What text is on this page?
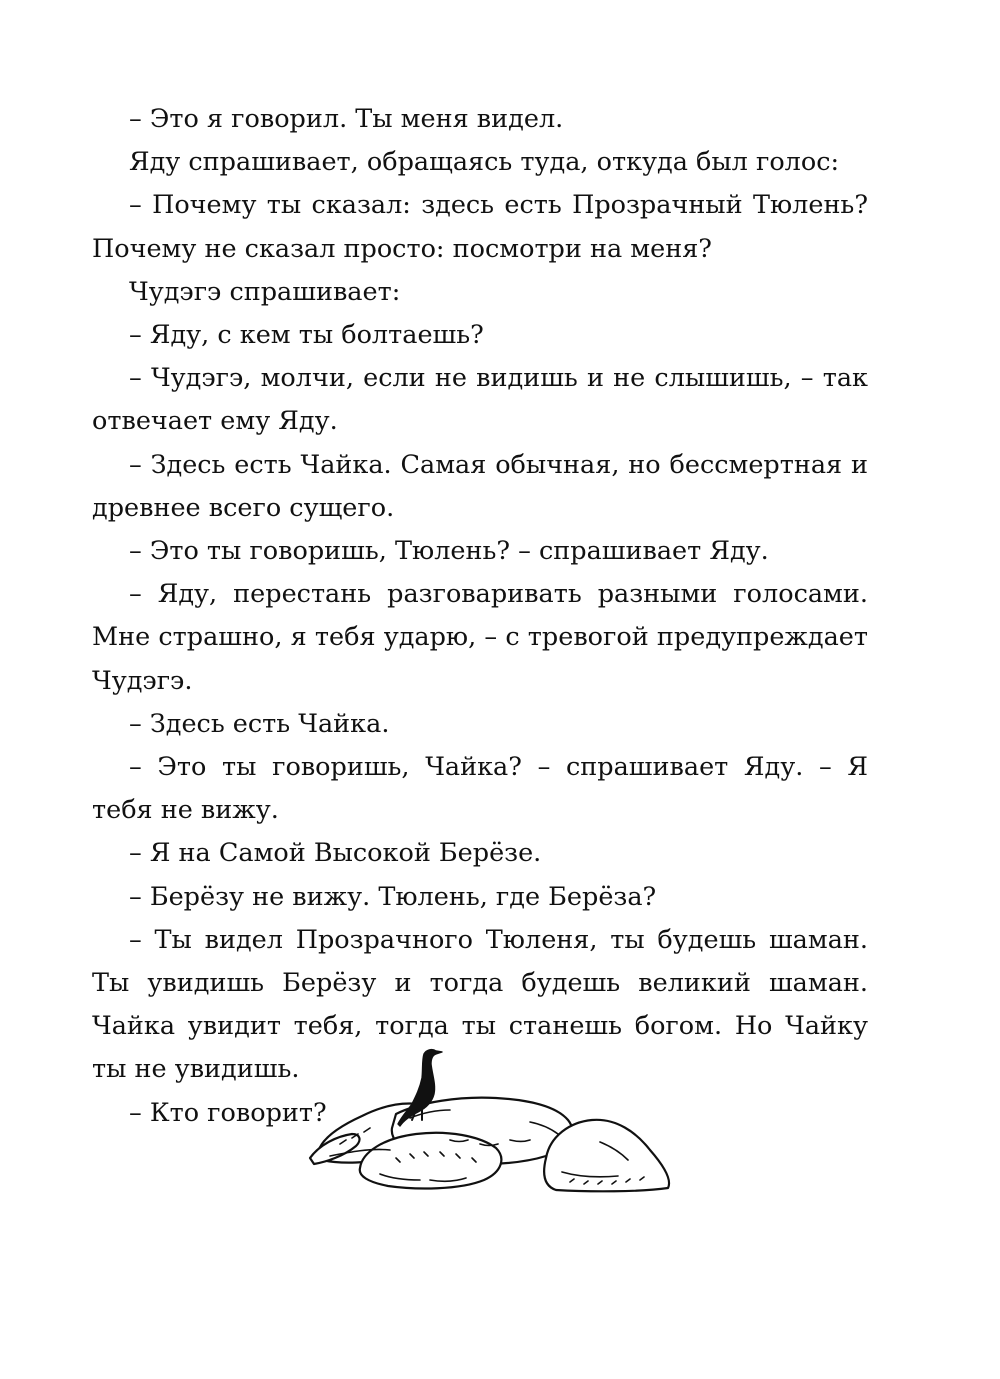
– Это я говорил. Ты меня видел.

Яду спрашивает, обращаясь туда, откуда был голос:

– Почему ты сказал: здесь есть Прозрачный Тюлень? Почему не сказал просто: посмотри на меня?

Чудэгэ спрашивает:

– Яду, с кем ты болтаешь?

– Чудэгэ, молчи, если не видишь и не слышишь, – так отвечает ему Яду.

– Здесь есть Чайка. Самая обычная, но бессмертная и древнее всего сущего.

– Это ты говоришь, Тюлень? – спрашивает Яду.

– Яду, перестань разговаривать разными голосами. Мне страшно, я тебя ударю, – с тревогой предупреждает Чудэгэ.

– Здесь есть Чайка.

– Это ты говоришь, Чайка? – спрашивает Яду. – Я тебя не вижу.

– Я на Самой Высокой Берёзе.

– Берёзу не вижу. Тюлень, где Берёза?

– Ты видел Прозрачного Тюленя, ты будешь шаман. Ты увидишь Берёзу и тогда будешь великий шаман. Чайка увидит тебя, тогда ты станешь богом. Но Чайку ты не увидишь.

– Кто говорит?
